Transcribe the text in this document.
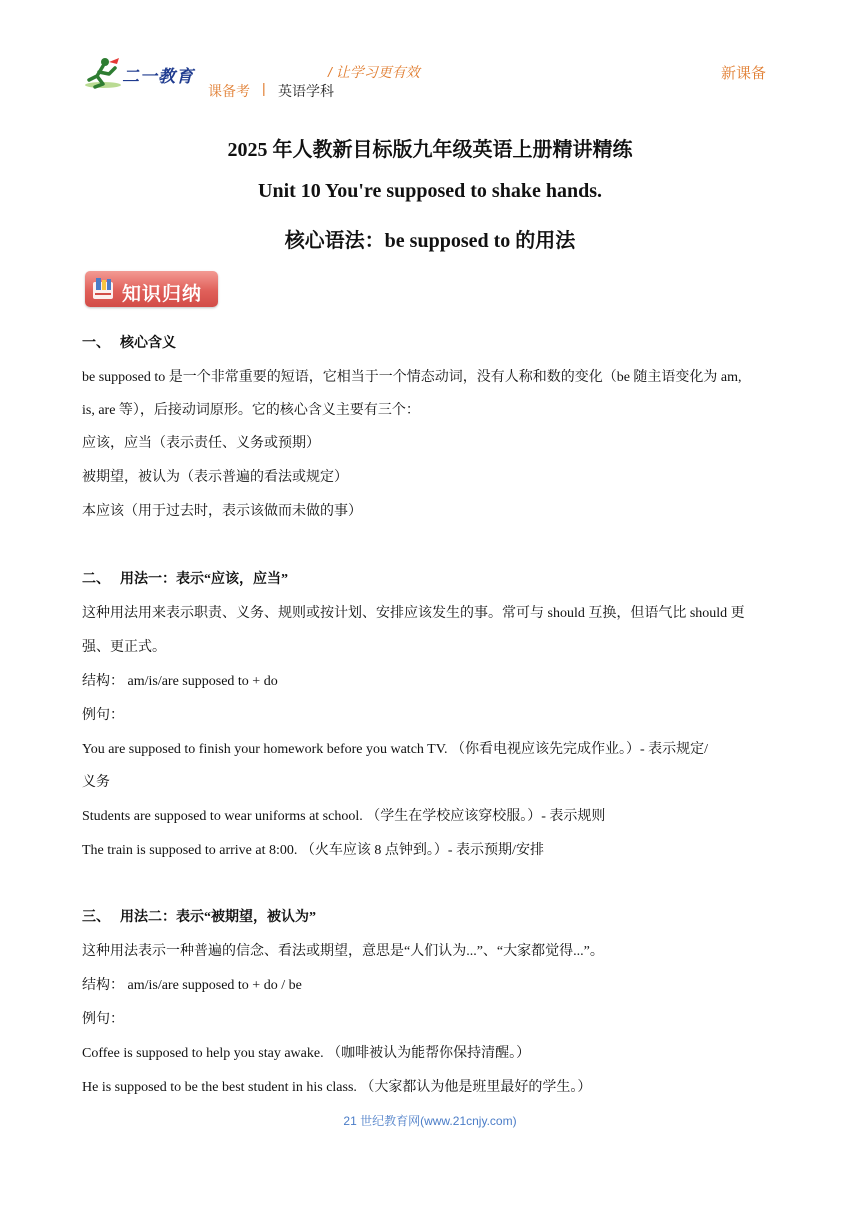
二一教育	/ 让学习更有效
课备考 | 英语学科
新课备
2025 年人教新目标版九年级英语上册精讲精练
Unit 10 You're supposed to shake hands.
核心语法：be supposed to 的用法
知识归纳
一、 核心含义
be supposed to 是一个非常重要的短语，它相当于一个情态动词，没有人称和数的变化（be 随主语变化为 am,
is, are 等），后接动词原形。它的核心含义主要有三个：
应该，应当（表示责任、义务或预期）
被期望，被认为（表示普遍的看法或规定）
本应该（用于过去时，表示该做而未做的事）
二、 用法一：表示“应该，应当”
这种用法用来表示职责、义务、规则或按计划、安排应该发生的事。常可与 should 互换，但语气比 should 更
强、更正式。
结构： am/is/are supposed to + do
例句：
You are supposed to finish your homework before you watch TV. （你看电视应该先完成作业。）- 表示规定/
义务
Students are supposed to wear uniforms at school. （学生在学校应该穿校服。）- 表示规则
The train is supposed to arrive at 8:00. （火车应该 8 点钟到。）- 表示预期/安排
三、 用法二：表示“被期望，被认为”
这种用法表示一种普遍的信念、看法或期望，意思是“人们认为...”、“大家都觉得...”。
结构： am/is/are supposed to + do / be
例句：
Coffee is supposed to help you stay awake. （咖啡被认为能帮你保持清醒。）
He is supposed to be the best student in his class. （大家都认为他是班里最好的学生。）
21 世纪教育网(www.21cnjy.com)
